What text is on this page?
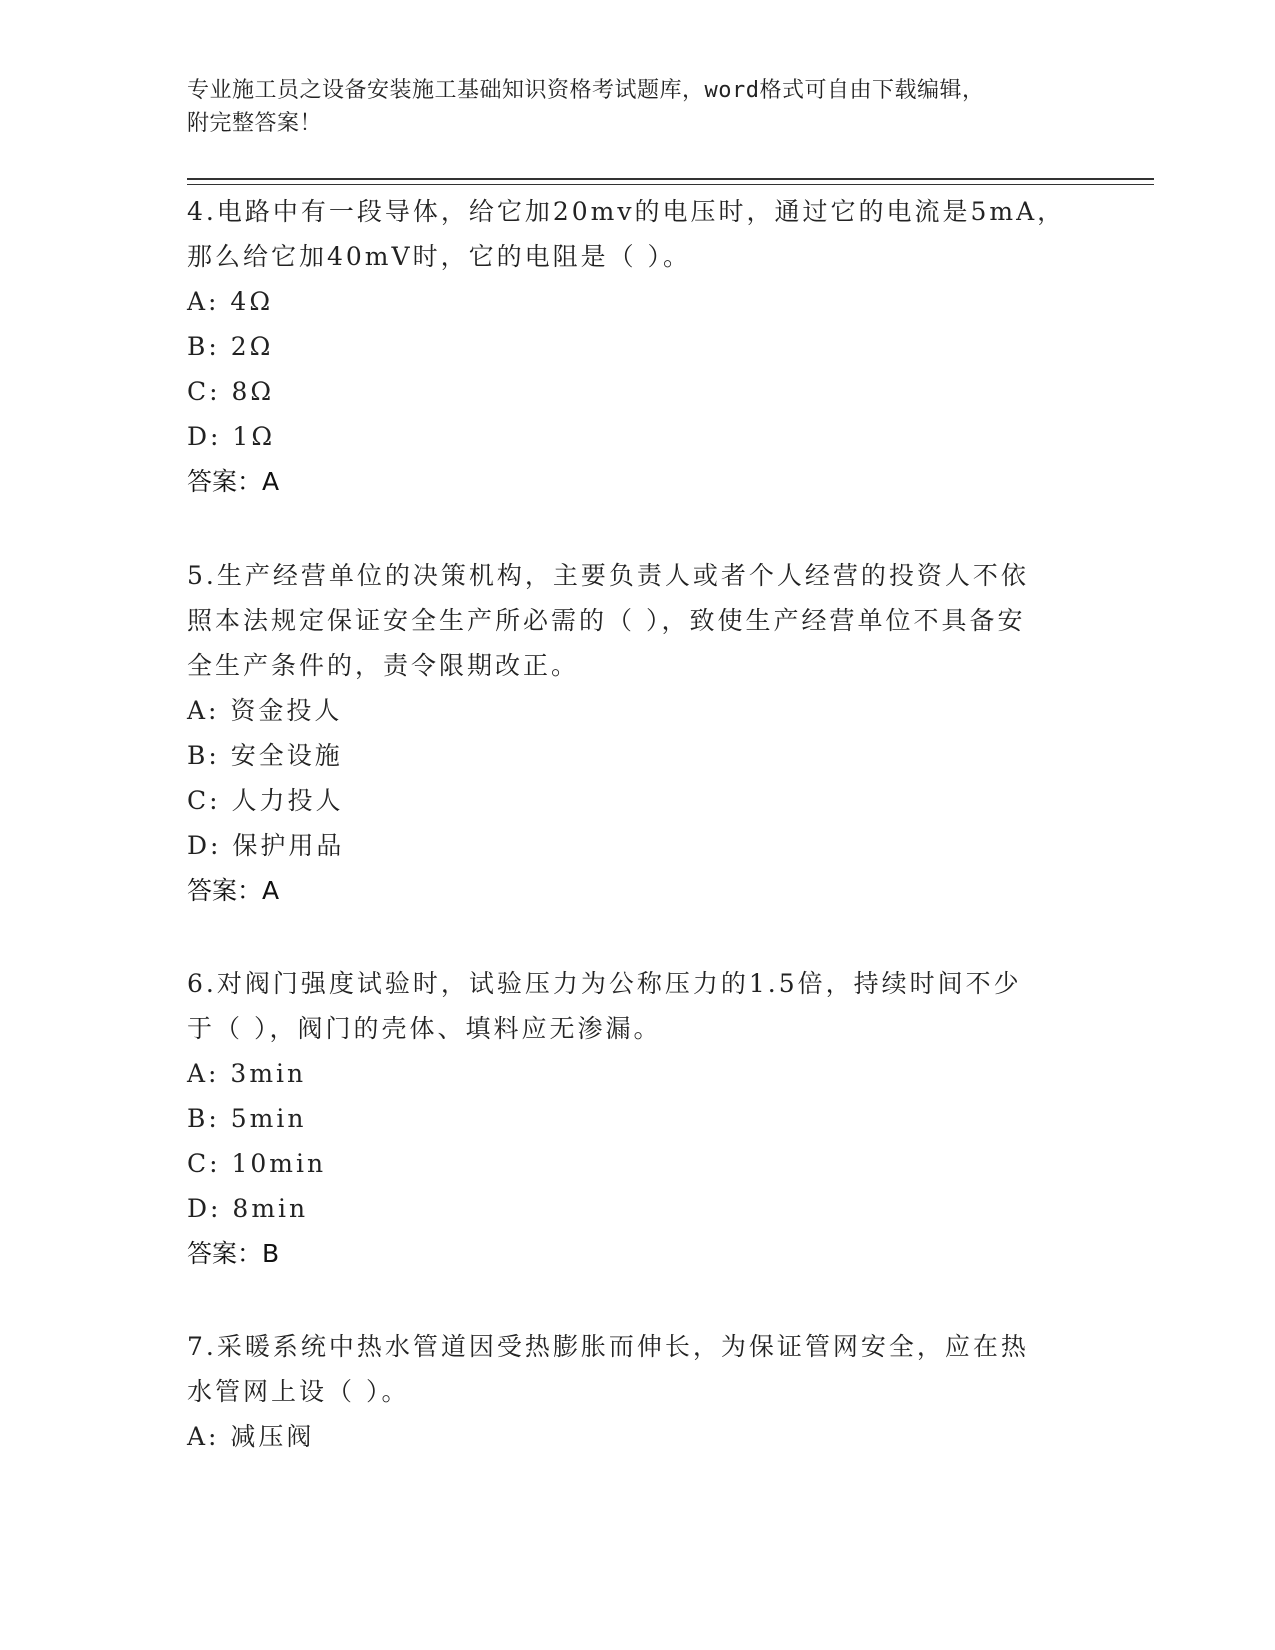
专业施工员之设备安装施工基础知识资格考试题库，word格式可自由下载编辑，
附完整答案！
4.电路中有一段导体，给它加20mv的电压时，通过它的电流是5mA，
那么给它加40mV时，它的电阻是（ ）。
A: 4Ω
B: 2Ω
C: 8Ω
D: 1Ω
答案：A
5.生产经营单位的决策机构，主要负责人或者个人经营的投资人不依
照本法规定保证安全生产所必需的（ ），致使生产经营单位不具备安
全生产条件的，责令限期改正。
A: 资金投人
B: 安全设施
C: 人力投人
D: 保护用品
答案：A
6.对阀门强度试验时，试验压力为公称压力的1.5倍，持续时间不少
于（ ），阀门的壳体、填料应无渗漏。
A: 3min
B: 5min
C: 10min
D: 8min
答案：B
7.采暖系统中热水管道因受热膨胀而伸长，为保证管网安全，应在热
水管网上设（ ）。
A: 减压阀
